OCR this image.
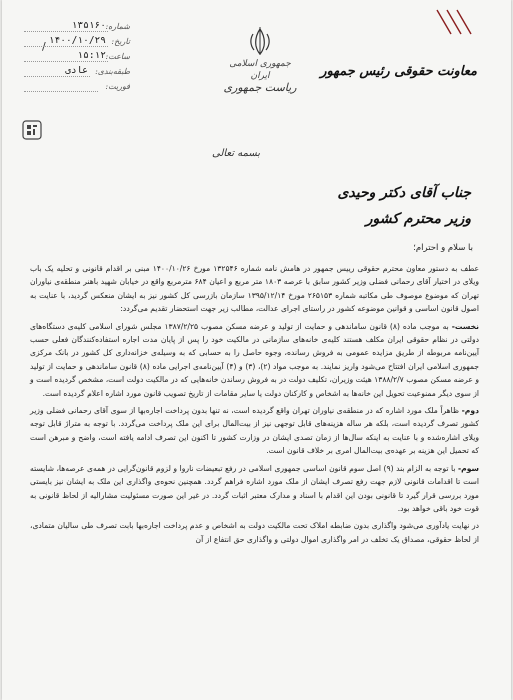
معاونت حقوقی رئیس جمهور
جمهوری اسلامی ایران
ریاست جمهوری
/
شماره:
۱۳۵۱۶۰
تاریخ:
۱۴۰۰/۱۰/۲۹
ساعت:
۱۵:۱۲
طبقه‌بندی:
عادی
فوریت:
بسمه تعالی
جناب آقای دکتر وحیدی
وزیر محترم کشور
با سلام و احترام؛

عطف به دستور معاون محترم حقوقی رییس جمهور در هامش نامه شماره ۱۳۲۵۴۶ مورخ ۱۴۰۰/۱۰/۲۶ مبنی بر اقدام قانونی و تحلیه یک باب ویلای در اختیار آقای رحمانی فضلی وزیر کشور سابق با عرصه ۱۸۰۳ متر مربع و اعیان ۶۸۴ مترمربع واقع در خیابان شهید باهنر منطقه‌ی نیاوران تهران که موضوع موصوف طی مکاتبه شماره ۲۶۵۱۵۳ مورخ ۱۳۹۵/۱۲/۱۴ سازمان بازرسی کل کشور نیز به ایشان منعکس گردید، با عنایت به اصول قانون اساسی و قوانین موضوعه کشور در راستای اجرای عدالت، مطالب زیر جهت استحضار تقدیم می‌گردد:

نخست- به موجب ماده (۸) قانون ساماندهی و حمایت از تولید و عرضه مسکن مصوب ۱۳۸۷/۲/۲۵ مجلس شورای اسلامی کلیه‌ی دستگاه‌های دولتی در نظام حقوقی ایران مکلف هستند کلیه‌ی خانه‌های سازمانی در مالکیت خود را پس از پایان مدت اجاره استفاده‌کنندگان فعلی حسب آیین‌نامه مربوطه از طریق مزایده عمومی به فروش رسانده، وجوه حاصل را به حسابی که به وسیله‌ی خزانه‌داری کل کشور در بانک مرکزی جمهوری اسلامی ایران افتتاح می‌شود واریز نمایند. به موجب مواد (۲)، (۳) و (۴) آیین‌نامه‌ی اجرایی ماده (۸) قانون ساماندهی و حمایت از تولید و عرضه مسکن مصوب ۱۳۸۸/۲/۷ هیئت وزیران، تکلیف دولت در به فروش رساندن خانه‌هایی که در مالکیت دولت است، مشخص گردیده است و از سوی دیگر ممنوعیت تحویل این خانه‌ها به اشخاص و کارکنان دولت یا سایر مقامات از تاریخ تصویب قانون مورد اشاره اعلام گردیده است.

دوم- ظاهراً ملک مورد اشاره که در منطقه‌ی نیاوران تهران واقع گردیده است، نه تنها بدون پرداخت اجاره‌بها از سوی آقای رحمانی فضلی وزیر کشور تصرف گردیده است، بلکه هر ساله هزینه‌های قابل توجهی نیز از بیت‌المال برای این ملک پرداخت می‌گردد. با توجه به متراژ قابل توجه ویلای اشاره‌شده و با عنایت به اینکه سال‌ها از زمان تصدی ایشان در وزارت کشور تا اکنون این تصرف ادامه یافته است، واضح و مبرهن است که تحمیل این هزینه بر عهده‌ی بیت‌المال امری بر خلاف قانون است.

سوم- با توجه به الزام بند (۹) اصل سوم قانون اساسی جمهوری اسلامی در رفع تبعیضات ناروا و لزوم قانون‌گرایی در همه‌ی عرصه‌ها، شایسته است تا اقدامات قانونی لازم جهت رفع تصرف ایشان از ملک مورد اشاره فراهم گردد. همچنین نحوه‌ی واگذاری این ملک به ایشان نیز بایستی مورد بررسی قرار گیرد تا قانونی بودن این اقدام با اسناد و مدارک معتبر اثبات گردد. در غیر این صورت مسئولیت مشارالیه از لحاظ قانونی به قوت خود باقی خواهد بود.

در نهایت یادآوری می‌شود واگذاری بدون ضابطه املاک تحت مالکیت دولت به اشخاص و عدم پرداخت اجاره‌بها بابت تصرف طی سالیان متمادی، از لحاظ حقوقی، مصداق یک تخلف در امر واگذاری اموال دولتی و واگذاری حق انتفاع از آن
